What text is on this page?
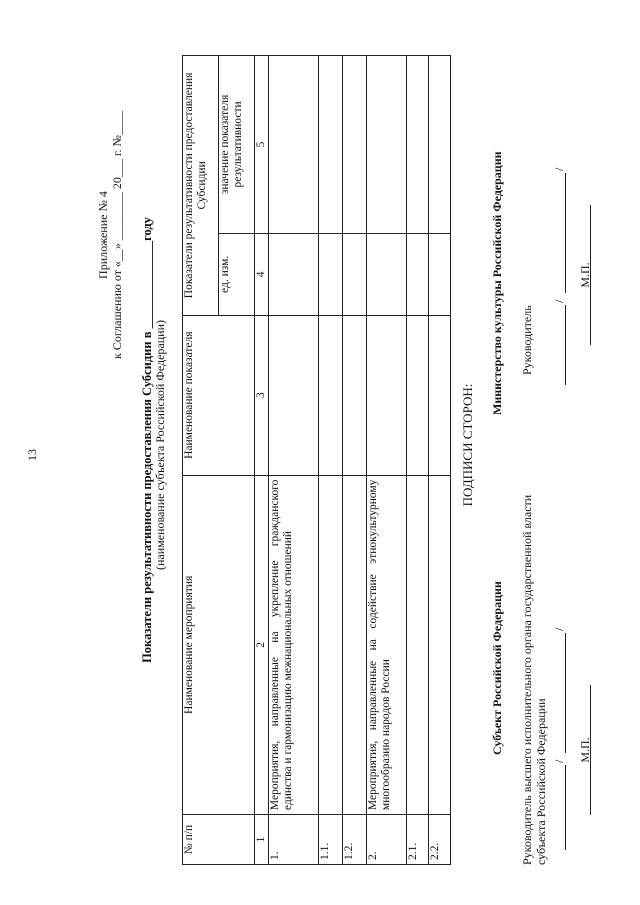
13
Приложение № 4 к Соглашению от «__» ________ 20___ г. №____ Показатели результативности предоставления Субсидии в ______________году (наименование субъекта Российской Федерации)
№ п/п	Наименование мероприятия	Наименование показателя	Показатели результативности предоставления Субсидии	
			ед. изм.	значение показателя результативности
1	2	3	4	5
1.	Мероприятия, направленные на укрепление гражданского единства и гармонизацию межнациональных отношений			
1.1.				
1.2.				
2.	Мероприятия, направленные на содействие этнокультурному многообразию народов России			
2.1.				
2.2.				
ПОДПИСИ СТОРОН:
Субъект Российской Федерации Руководитель высшего исполнительного органа государственной власти субъекта Российской Федерации /
/
М.П.
Министерство культуры Российской Федерации Руководитель
/
/
М.П.
